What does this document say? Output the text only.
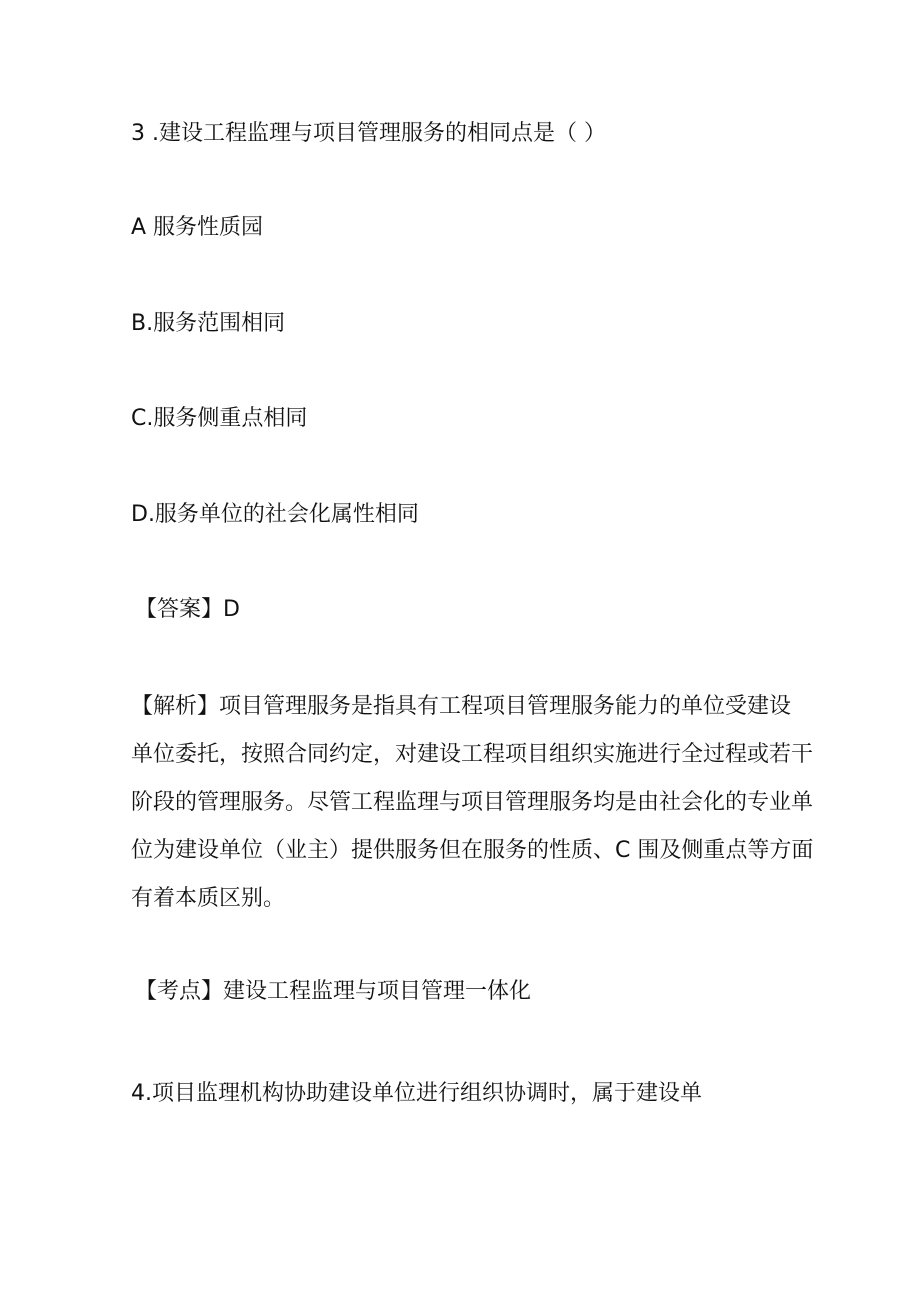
3 .建设工程监理与项目管理服务的相同点是（ ）
A 服务性质园
B.服务范围相同
C.服务侧重点相同
D.服务单位的社会化属性相同
【答案】D
【解析】项目管理服务是指具有工程项目管理服务能力的单位受建设
单位委托，按照合同约定，对建设工程项目组织实施进行全过程或若干
阶段的管理服务。尽管工程监理与项目管理服务均是由社会化的专业单
位为建设单位（业主）提供服务但在服务的性质、C 围及侧重点等方面
有着本质区别。
【考点】建设工程监理与项目管理一体化
4.项目监理机构协助建设单位进行组织协调时，属于建设单
